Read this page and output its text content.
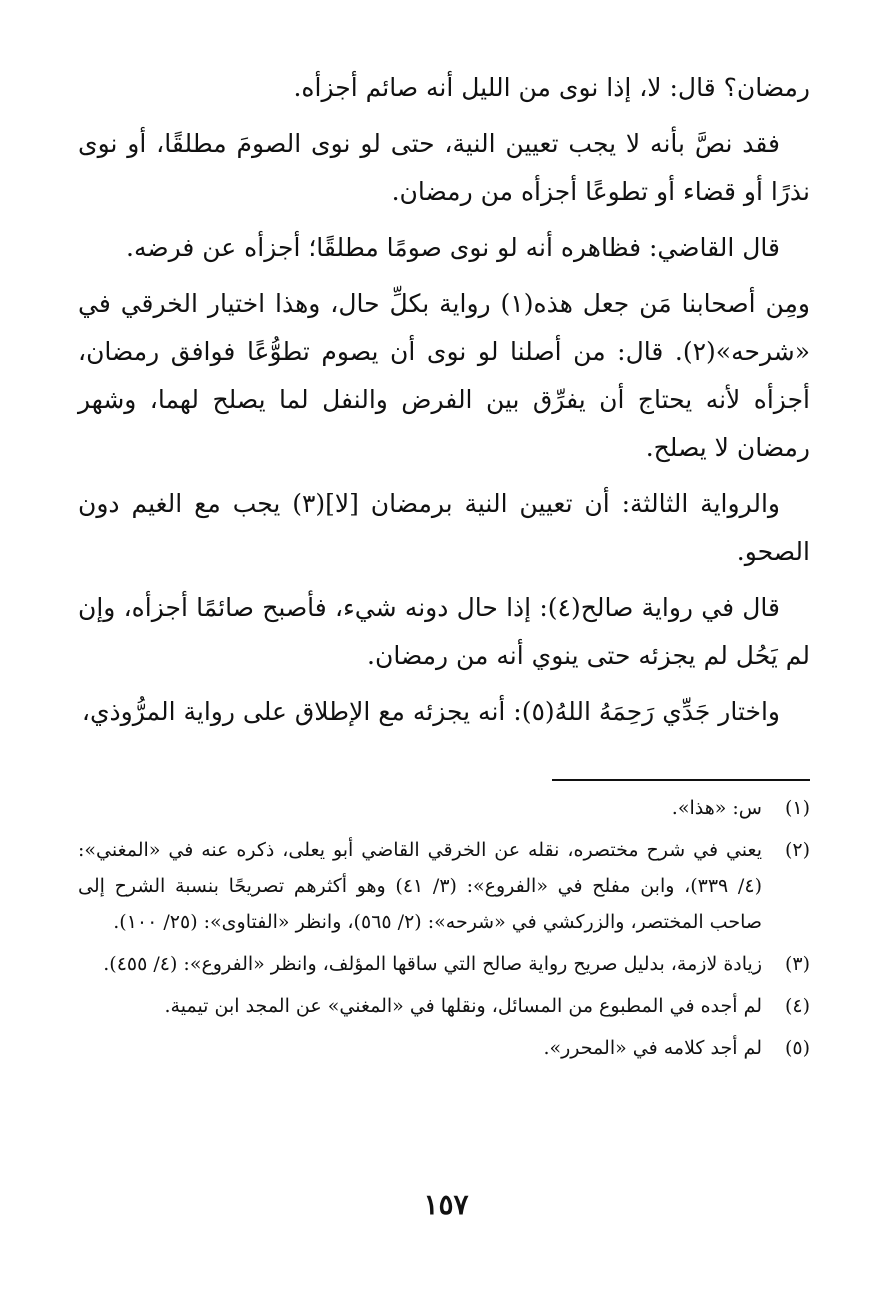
رمضان؟ قال: لا، إذا نوى من الليل أنه صائم أجزأه.

فقد نصَّ بأنه لا يجب تعيين النية، حتى لو نوى الصومَ مطلقًا، أو نوى نذرًا أو قضاء أو تطوعًا أجزأه من رمضان.

قال القاضي: فظاهره أنه لو نوى صومًا مطلقًا؛ أجزأه عن فرضه.

ومِن أصحابنا مَن جعل هذه(١) رواية بكلِّ حال، وهذا اختيار الخرقي في «شرحه»(٢). قال: من أصلنا لو نوى أن يصوم تطوُّعًا فوافق رمضان، أجزأه لأنه يحتاج أن يفرِّق بين الفرض والنفل لما يصلح لهما، وشهر رمضان لا يصلح.

والرواية الثالثة: أن تعيين النية برمضان [لا](٣) يجب مع الغيم دون الصحو.

قال في رواية صالح(٤): إذا حال دونه شيء، فأصبح صائمًا أجزأه، وإن لم يَحُل لم يجزئه حتى ينوي أنه من رمضان.

واختار جَدِّي رَحِمَهُ اللهُ(٥): أنه يجزئه مع الإطلاق على رواية المرُّوذي،

(١)
س: «هذا».
(٢)
يعني في شرح مختصره، نقله عن الخرقي القاضي أبو يعلى، ذكره عنه في «المغني»: (٤/ ٣٣٩)، وابن مفلح في «الفروع»: (٣/ ٤١) وهو أكثرهم تصريحًا بنسبة الشرح إلى صاحب المختصر، والزركشي في «شرحه»: (٢/ ٥٦٥)، وانظر «الفتاوى»: (٢٥/ ١٠٠).
(٣)
زيادة لازمة، بدليل صريح رواية صالح التي ساقها المؤلف، وانظر «الفروع»: (٤/ ٤٥٥).
(٤)
لم أجده في المطبوع من المسائل، ونقلها في «المغني» عن المجد ابن تيمية.
(٥)
لم أجد كلامه في «المحرر».
١٥٧
